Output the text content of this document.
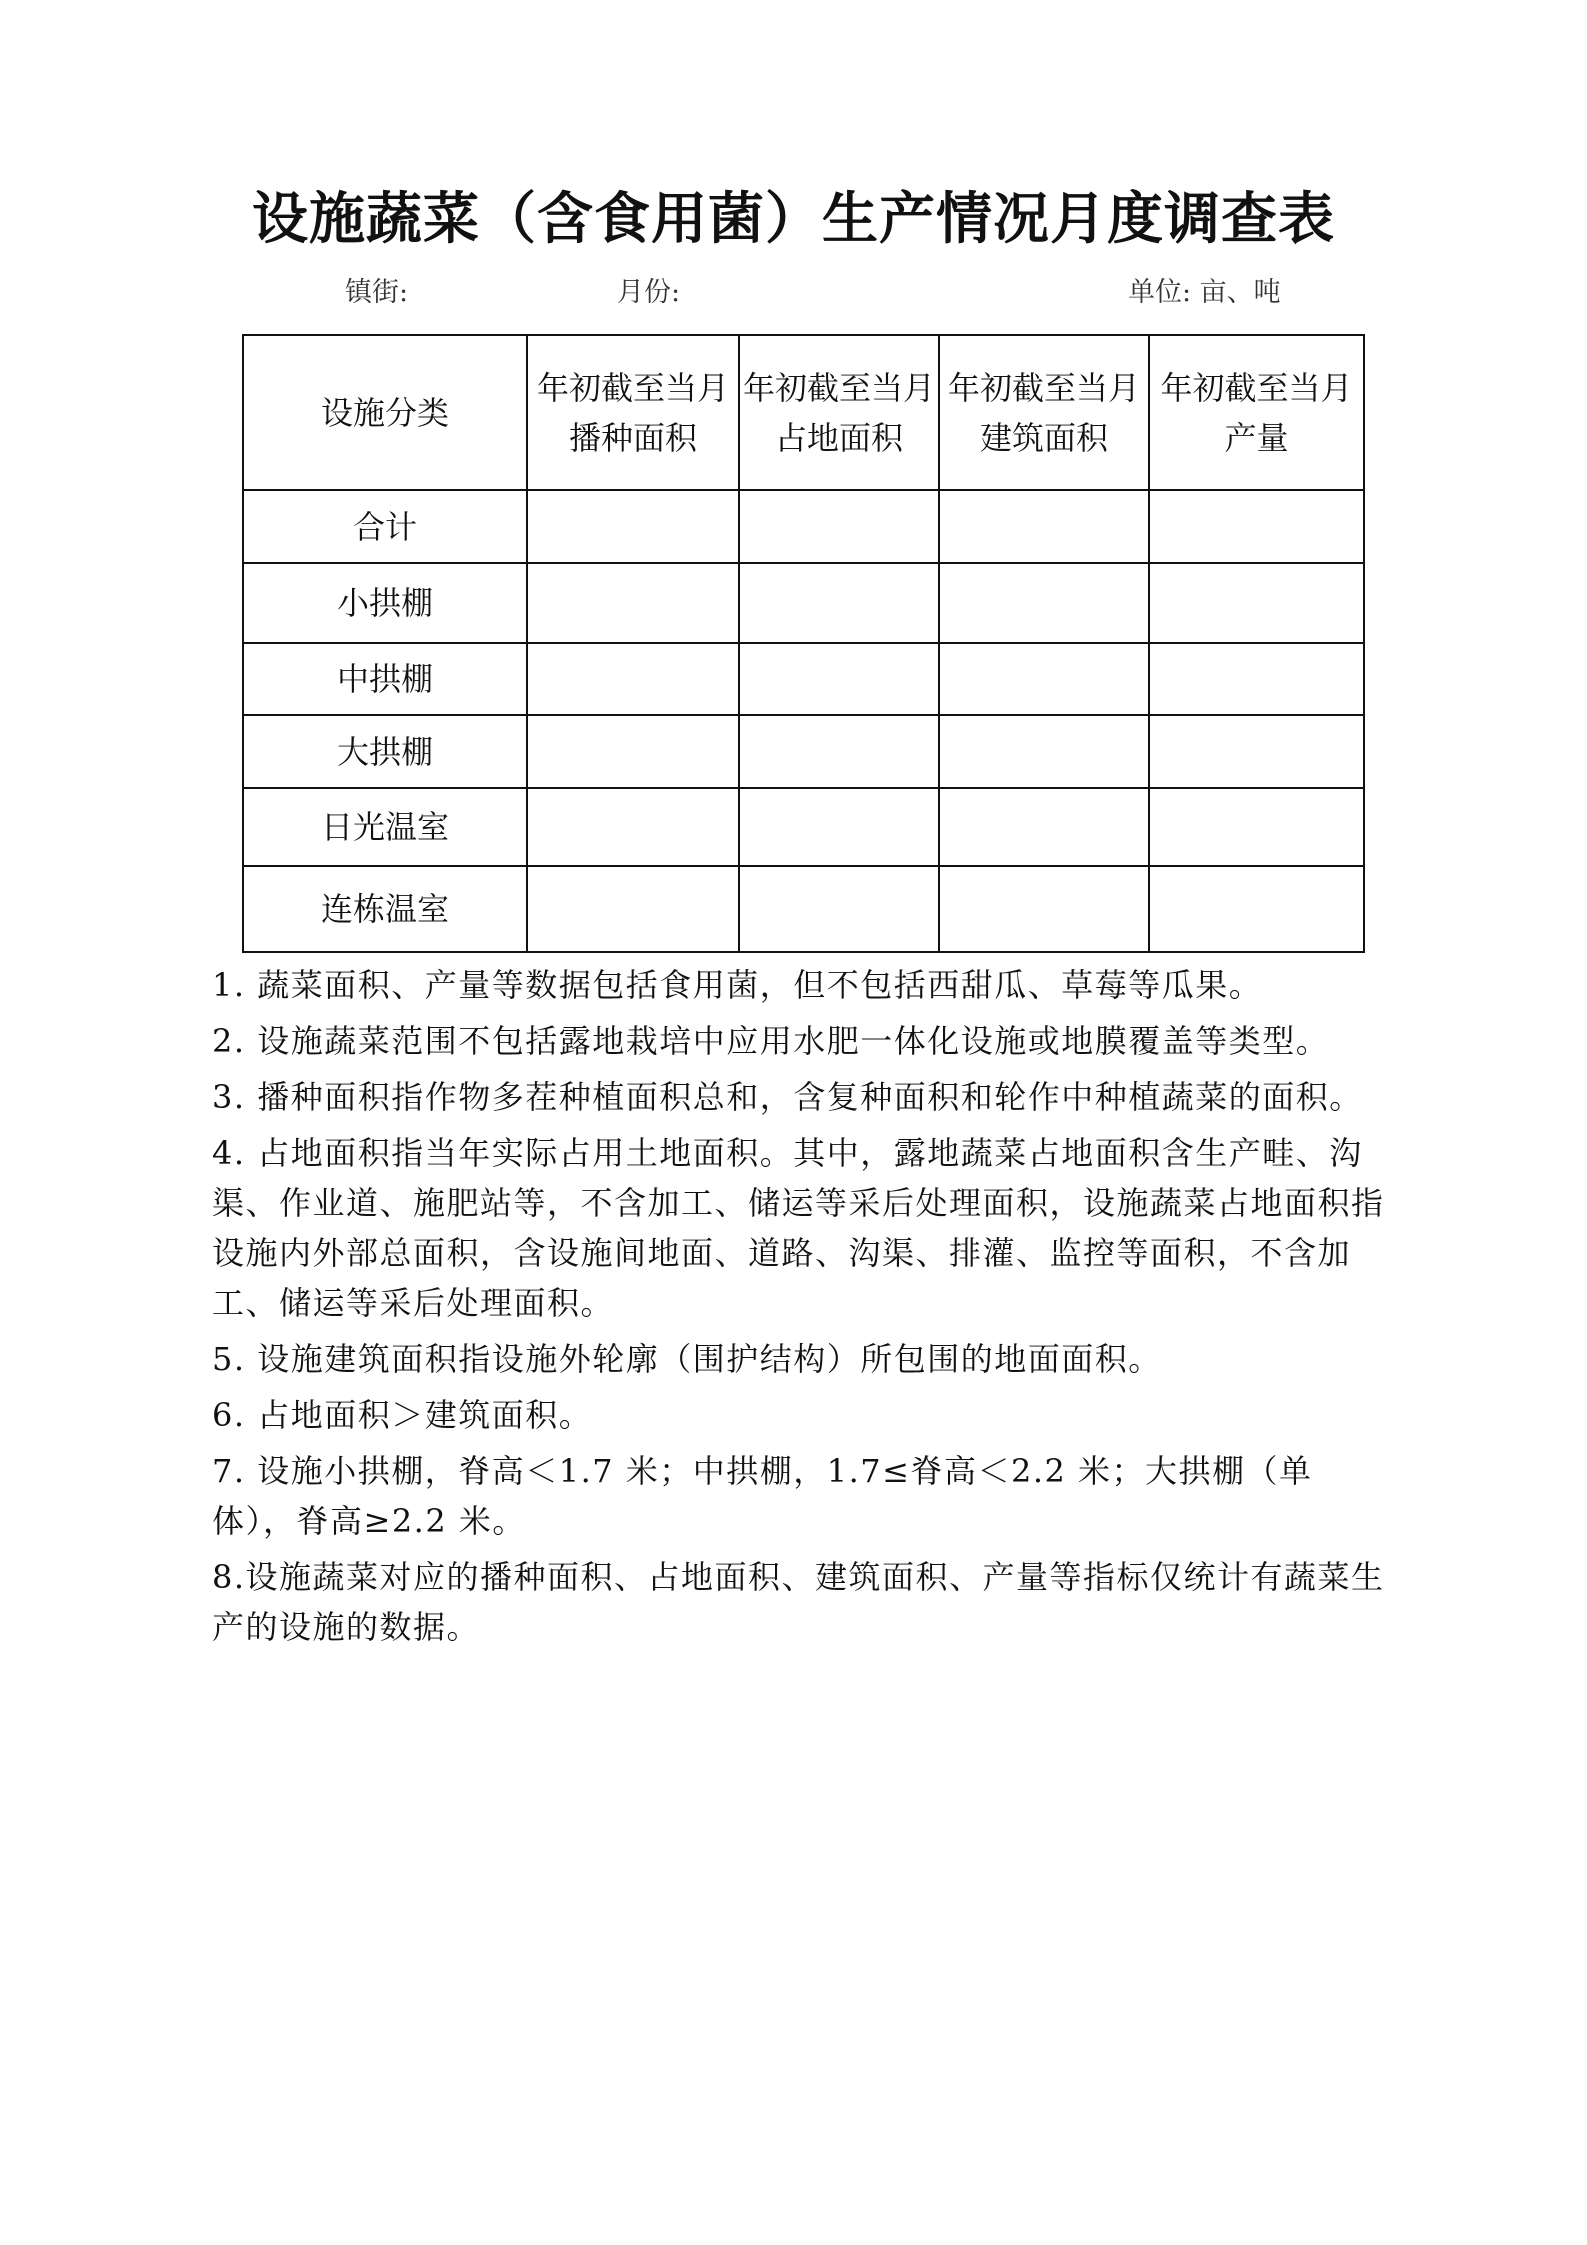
设施蔬菜（含食用菌）生产情况月度调查表
镇街:	月份:	单位: 亩、吨
设施分类	年初截至当月播种面积	年初截至当月占地面积	年初截至当月建筑面积	年初截至当月产量
合计				
小拱棚				
中拱棚				
大拱棚				
日光温室				
连栋温室				

1. 蔬菜面积、产量等数据包括食用菌，但不包括西甜瓜、草莓等瓜果。

2. 设施蔬菜范围不包括露地栽培中应用水肥一体化设施或地膜覆盖等类型。

3. 播种面积指作物多茬种植面积总和，含复种面积和轮作中种植蔬菜的面积。

4. 占地面积指当年实际占用土地面积。其中，露地蔬菜占地面积含生产畦、沟渠、作业道、施肥站等，不含加工、储运等采后处理面积，设施蔬菜占地面积指设施内外部总面积，含设施间地面、道路、沟渠、排灌、监控等面积，不含加工、储运等采后处理面积。

5. 设施建筑面积指设施外轮廓（围护结构）所包围的地面面积。

6. 占地面积＞建筑面积。

7. 设施小拱棚，脊高＜1.7 米；中拱棚，1.7≤脊高＜2.2 米；大拱棚（单体），脊高≥2.2 米。

8.设施蔬菜对应的播种面积、占地面积、建筑面积、产量等指标仅统计有蔬菜生产的设施的数据。
